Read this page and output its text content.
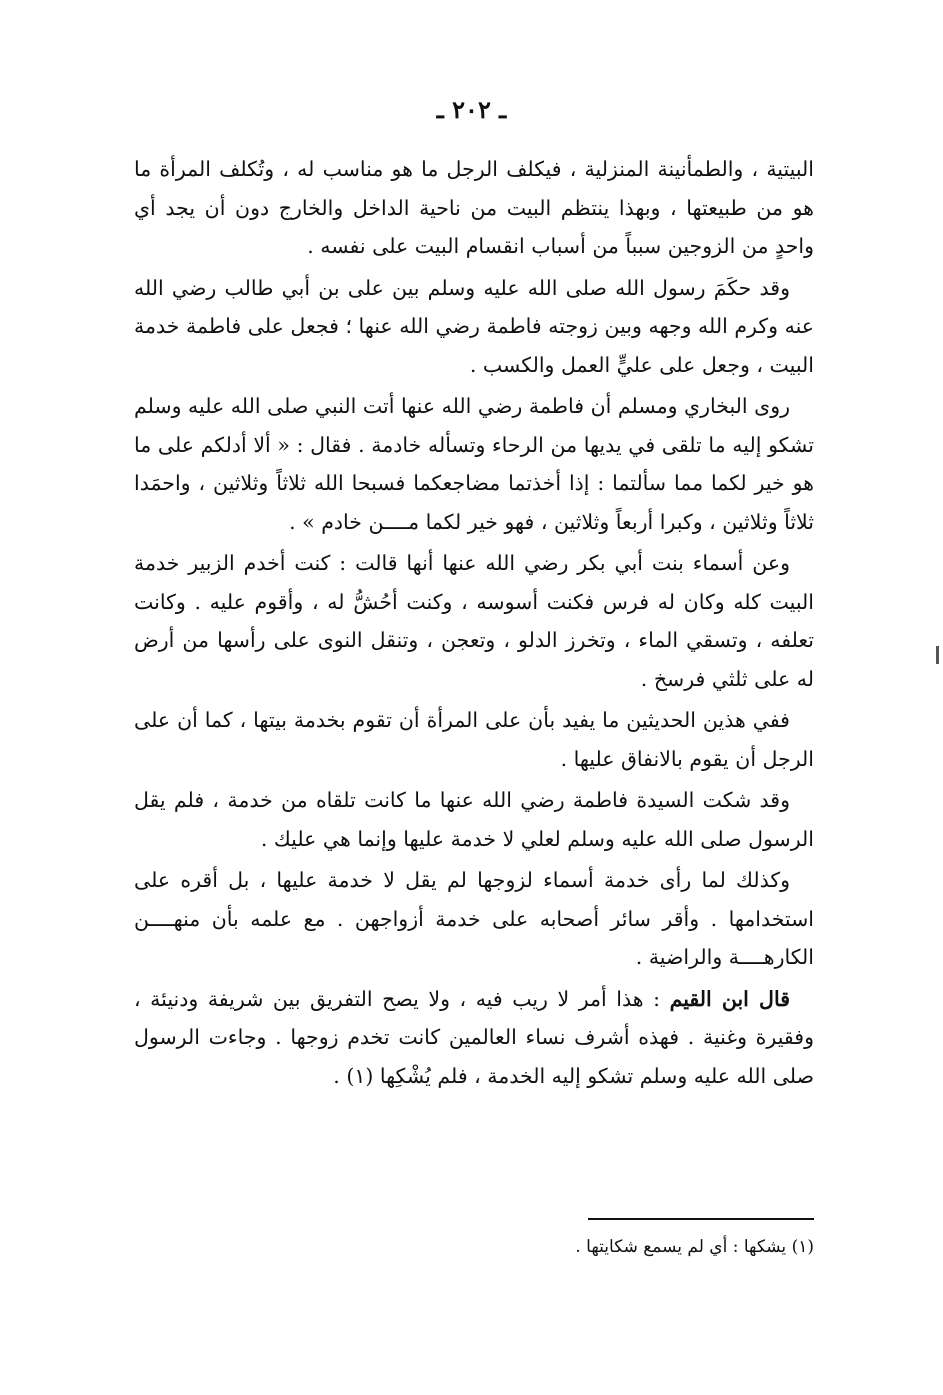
ـ ٢٠٢ ـ

البيتية ، والطمأنينة المنزلية ، فيكلف الرجل ما هو مناسب له ، وتُكلف المرأة ما هو من طبيعتها ، وبهذا ينتظم البيت من ناحية الداخل والخارج دون أن يجد أي واحدٍ من الزوجين سبباً من أسباب انقسام البيت على نفسه .

وقد حكَمَ رسول الله صلى الله عليه وسلم بين على بن أبي طالب رضي الله عنه وكرم الله وجهه وبين زوجته فاطمة رضي الله عنها ؛ فجعل على فاطمة خدمة البيت ، وجعل على عليٍّ العمل والكسب .

روى البخاري ومسلم أن فاطمة رضي الله عنها أتت النبي صلى الله عليه وسلم تشكو إليه ما تلقى في يديها من الرحاء وتسأله خادمة . فقال : « ألا أدلكم على ما هو خير لكما مما سألتما : إذا أخذتما مضاجعكما فسبحا الله ثلاثاً وثلاثين ، واحمَدا ثلاثاً وثلاثين ، وكبرا أربعاً وثلاثين ، فهو خير لكما مــــن خادم » .

وعن أسماء بنت أبي بكر رضي الله عنها أنها قالت : كنت أخدم الزبير خدمة البيت كله وكان له فرس فكنت أسوسه ، وكنت أحُشُّ له ، وأقوم عليه . وكانت تعلفه ، وتسقي الماء ، وتخرز الدلو ، وتعجن ، وتنقل النوى على رأسها من أرض له على ثلثي فرسخ .

ففي هذين الحديثين ما يفيد بأن على المرأة أن تقوم بخدمة بيتها ، كما أن على الرجل أن يقوم بالانفاق عليها .

وقد شكت السيدة فاطمة رضي الله عنها ما كانت تلقاه من خدمة ، فلم يقل الرسول صلى الله عليه وسلم لعلي لا خدمة عليها وإنما هي عليك .

وكذلك لما رأى خدمة أسماء لزوجها لم يقل لا خدمة عليها ، بل أقره على استخدامها . وأقر سائر أصحابه على خدمة أزواجهن . مع علمه بأن منهــــن الكارهــــة والراضية .

قال ابن القيم : هذا أمر لا ريب فيه ، ولا يصح التفريق بين شريفة ودنيئة ، وفقيرة وغنية . فهذه أشرف نساء العالمين كانت تخدم زوجها . وجاءت الرسول صلى الله عليه وسلم تشكو إليه الخدمة ، فلم يُشْكِها (١) .

(١) يشكها : أي لم يسمع شكايتها .
